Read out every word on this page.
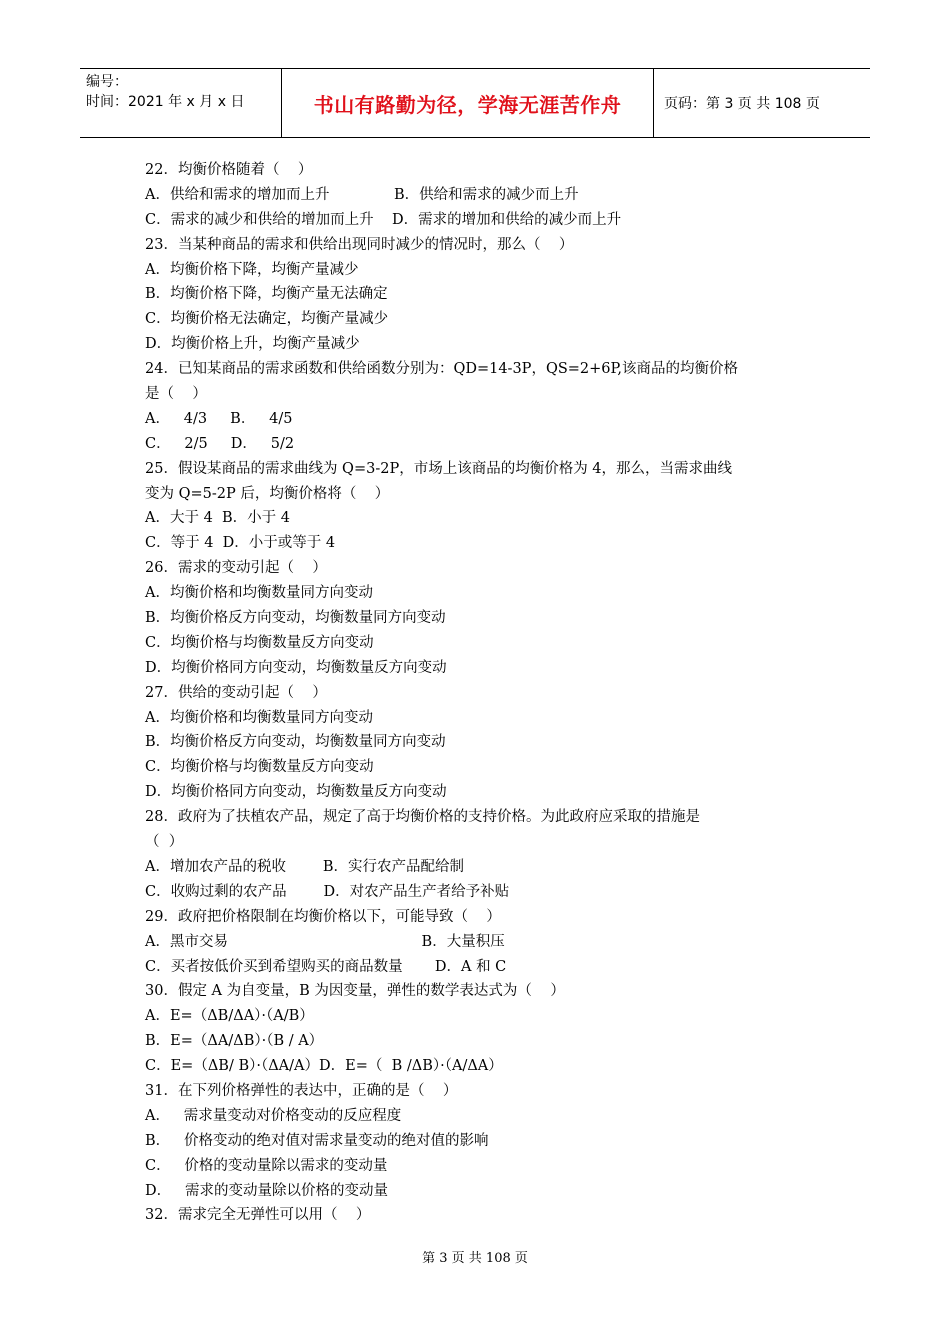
编号：
时间：2021 年 x 月 x 日	书山有路勤为径，学海无涯苦作舟	页码：第 3 页 共 108 页
22．均衡价格随着（    ）
A．供给和需求的增加而上升              B．供给和需求的减少而上升
C．需求的减少和供给的增加而上升    D．需求的增加和供给的减少而上升
23．当某种商品的需求和供给出现同时减少的情况时，那么（    ）
A．均衡价格下降，均衡产量减少
B．均衡价格下降，均衡产量无法确定
C．均衡价格无法确定，均衡产量减少
D．均衡价格上升，均衡产量减少
24．已知某商品的需求函数和供给函数分别为：QD=14-3P，QS=2+6P,该商品的均衡价格
是（    ）
A．   4/3     B．   4/5
C．   2/5     D．   5/2
25．假设某商品的需求曲线为 Q=3-2P，市场上该商品的均衡价格为 4，那么，当需求曲线
变为 Q=5-2P 后，均衡价格将（    ）
A．大于 4  B．小于 4
C．等于 4  D．小于或等于 4
26．需求的变动引起（    ）
A．均衡价格和均衡数量同方向变动
B．均衡价格反方向变动，均衡数量同方向变动
C．均衡价格与均衡数量反方向变动
D．均衡价格同方向变动，均衡数量反方向变动
27．供给的变动引起（    ）
A．均衡价格和均衡数量同方向变动
B．均衡价格反方向变动，均衡数量同方向变动
C．均衡价格与均衡数量反方向变动
D．均衡价格同方向变动，均衡数量反方向变动
28．政府为了扶植农产品，规定了高于均衡价格的支持价格。为此政府应采取的措施是
（  ）
A．增加农产品的税收        B．实行农产品配给制
C．收购过剩的农产品        D．对农产品生产者给予补贴
29．政府把价格限制在均衡价格以下，可能导致（    ）
A．黑市交易                                          B．大量积压
C．买者按低价买到希望购买的商品数量       D．A 和 C
30．假定 A 为自变量，B 为因变量，弹性的数学表达式为（    ）
A．E=（ΔB/ΔA）·（A/B）
B．E=（ΔA/ΔB）·（B / A）
C．E=（ΔB/ B）·（ΔA/A）D．E=（  B /ΔB）·（A/ΔA）
31．在下列价格弹性的表达中，正确的是（    ）
A．   需求量变动对价格变动的反应程度
B．   价格变动的绝对值对需求量变动的绝对值的影响
C．   价格的变动量除以需求的变动量
D．   需求的变动量除以价格的变动量
32．需求完全无弹性可以用（    ）
第 3 页 共 108 页
